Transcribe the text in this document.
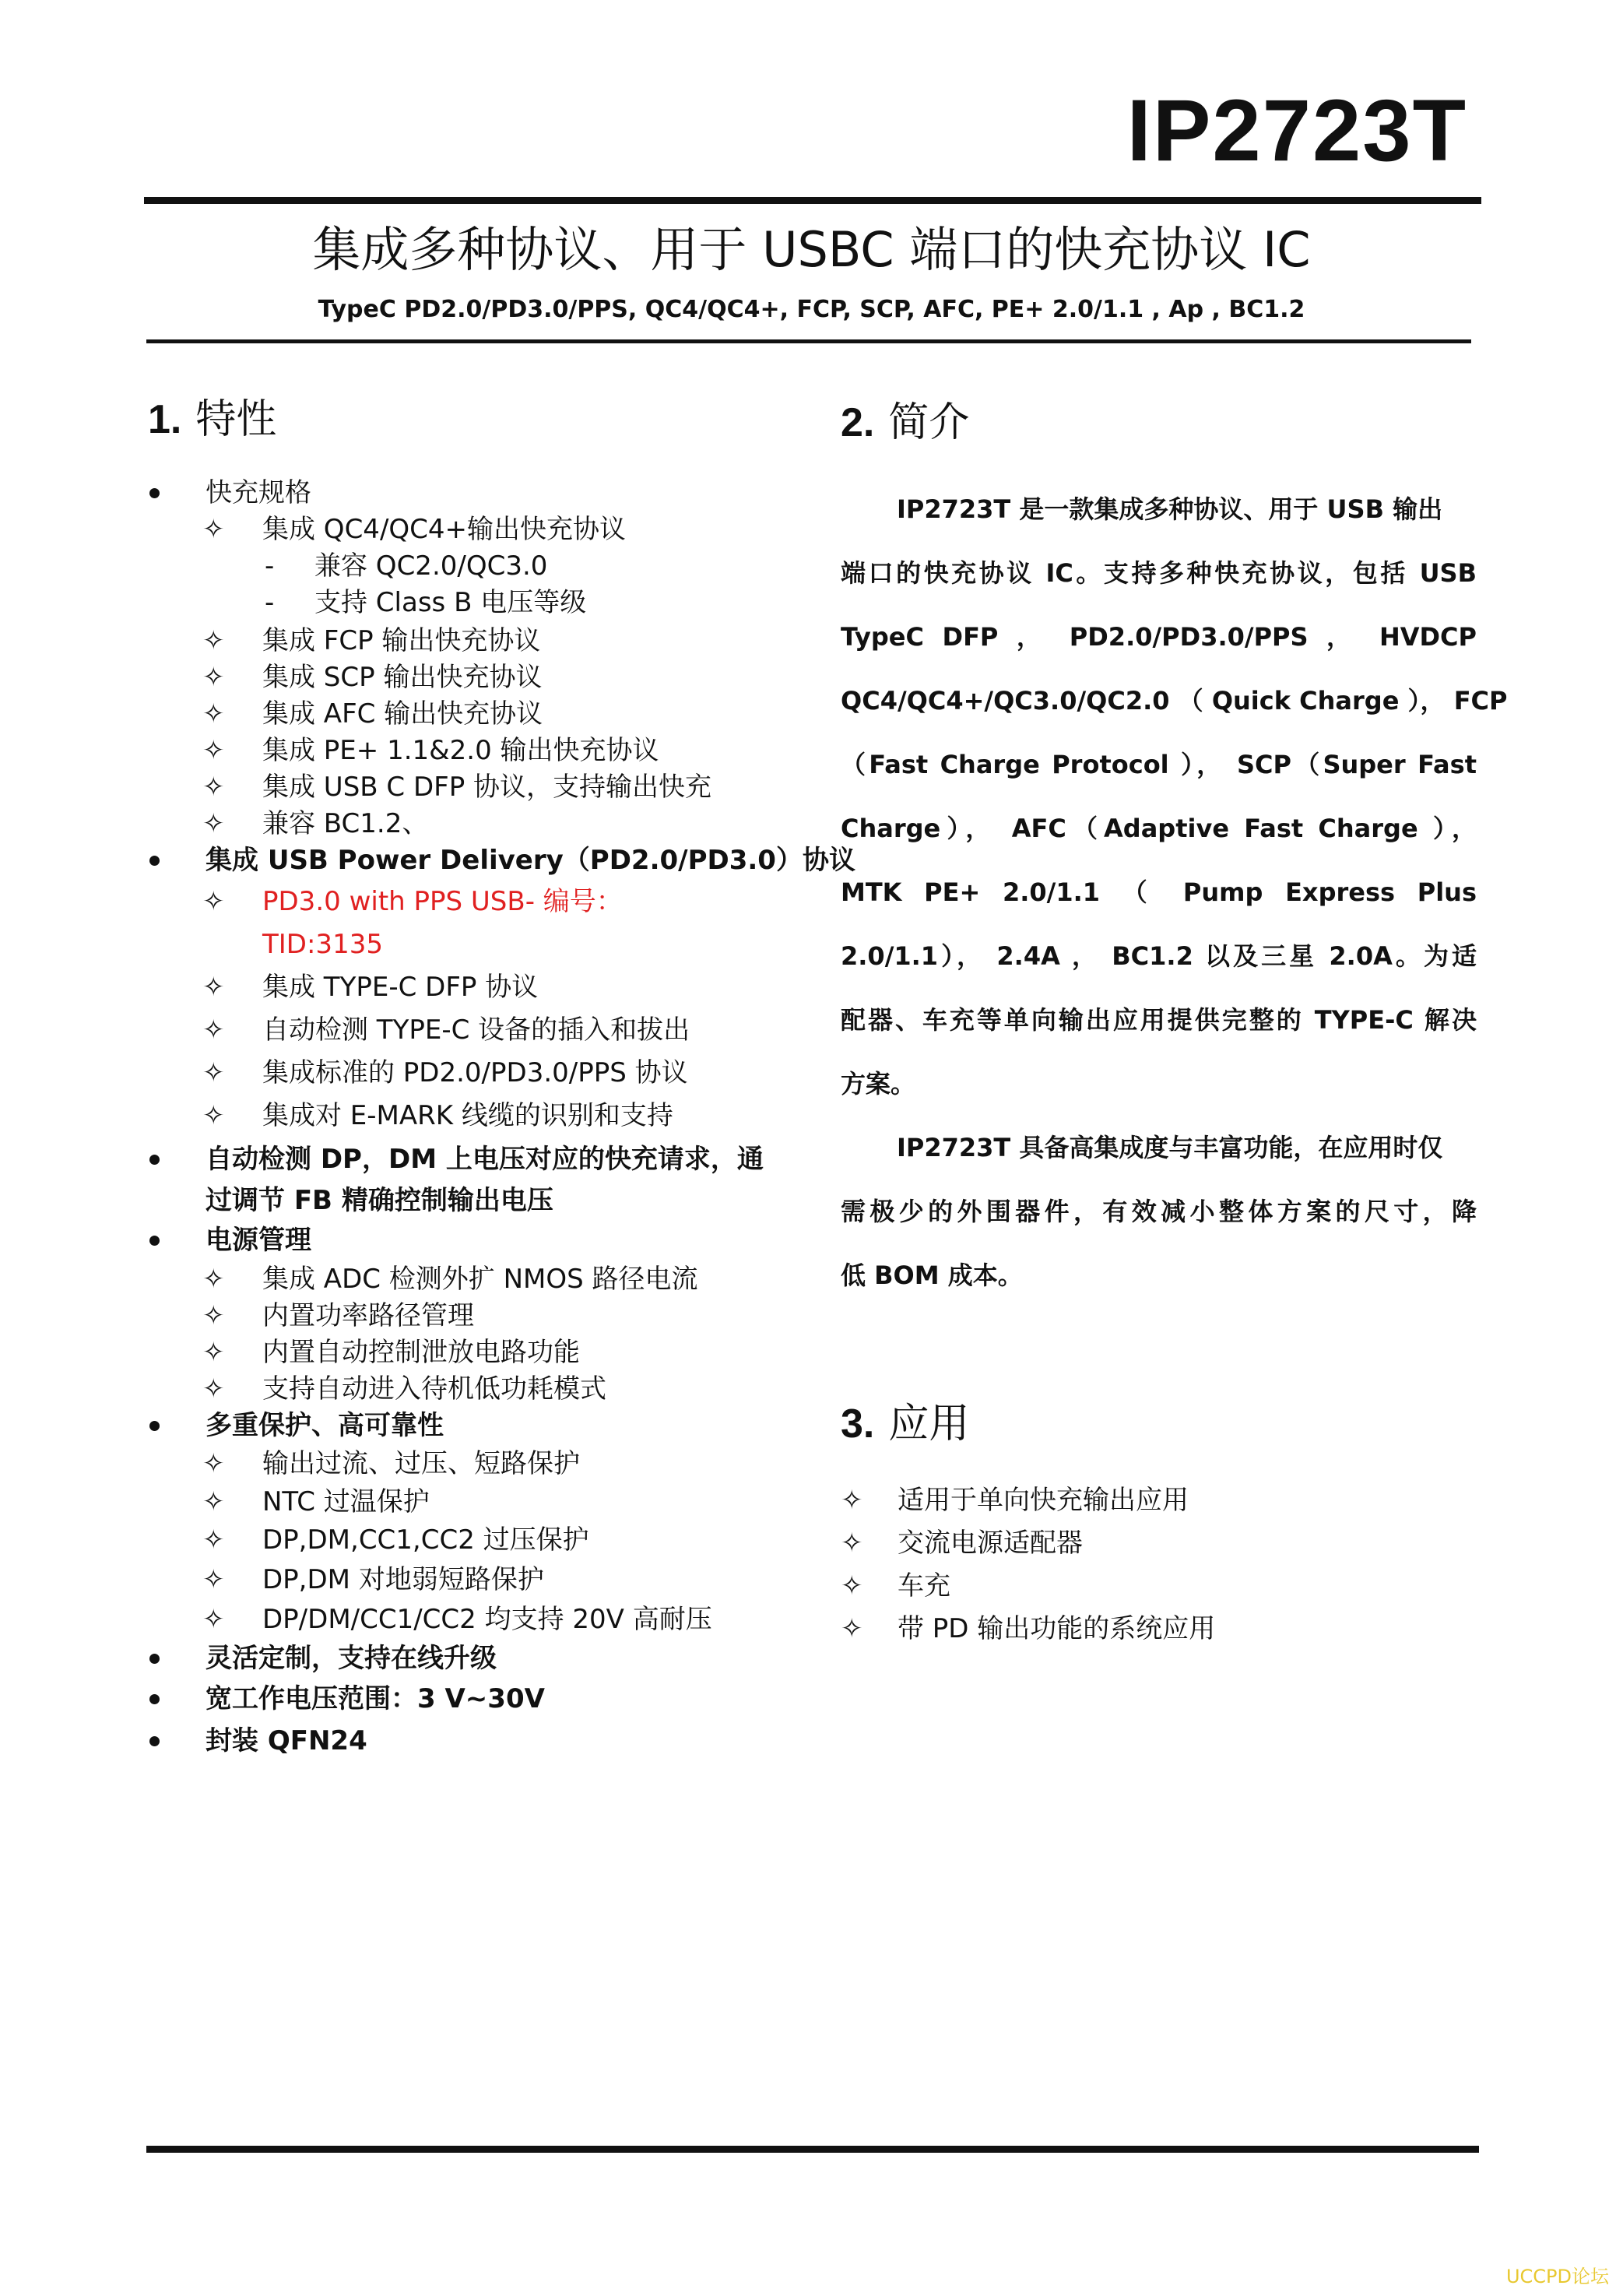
IP2723T
集成多种协议、用于 USBC 端口的快充协议 IC
TypeC PD2.0/PD3.0/PPS, QC4/QC4+, FCP, SCP, AFC, PE+ 2.0/1.1 , Ap , BC1.2
1. 特性
快充规格
✧ 集成 QC4/QC4+输出快充协议
- 兼容 QC2.0/QC3.0
- 支持 Class B 电压等级
✧ 集成 FCP 输出快充协议
✧ 集成 SCP 输出快充协议
✧ 集成 AFC 输出快充协议
✧ 集成 PE+ 1.1&2.0 输出快充协议
✧ 集成 USB C DFP 协议，支持输出快充
✧ 兼容 BC1.2、
集成 USB Power Delivery（PD2.0/PD3.0）协议
✧ PD3.0 with PPS USB- 编号：
TID:3135
✧ 集成 TYPE-C DFP 协议
✧ 自动检测 TYPE-C 设备的插入和拔出
✧ 集成标准的 PD2.0/PD3.0/PPS 协议
✧ 集成对 E-MARK 线缆的识别和支持
自动检测 DP，DM 上电压对应的快充请求，通
过调节 FB 精确控制输出电压
电源管理
✧ 集成 ADC 检测外扩 NMOS 路径电流
✧ 内置功率路径管理
✧ 内置自动控制泄放电路功能
✧ 支持自动进入待机低功耗模式
多重保护、高可靠性
✧ 输出过流、过压、短路保护
✧ NTC 过温保护
✧ DP,DM,CC1,CC2 过压保护
✧ DP,DM 对地弱短路保护
✧ DP/DM/CC1/CC2 均支持 20V 高耐压
灵活定制，支持在线升级
宽工作电压范围：3 V~30V
封装 QFN24
2. 简介
IP2723T 是一款集成多种协议、用于 USB 输出
端口的快充协议 IC。支持多种快充协议，包括 USB
TypeC DFP ， PD2.0/PD3.0/PPS ， HVDCP
QC4/QC4+/QC3.0/QC2.0 （ Quick Charge ）， FCP
（Fast Charge Protocol ）， SCP（Super Fast
Charge）， AFC（Adaptive Fast Charge ），
MTK PE+ 2.0/1.1 （ Pump Express Plus
2.0/1.1）， 2.4A ， BC1.2 以及三星 2.0A。为适
配器、车充等单向输出应用提供完整的 TYPE-C 解决
方案。
IP2723T 具备高集成度与丰富功能，在应用时仅
需极少的外围器件，有效减小整体方案的尺寸，降
低 BOM 成本。
3. 应用
✧ 适用于单向快充输出应用
✧ 交流电源适配器
✧ 车充
✧ 带 PD 输出功能的系统应用
UCCPD论坛
